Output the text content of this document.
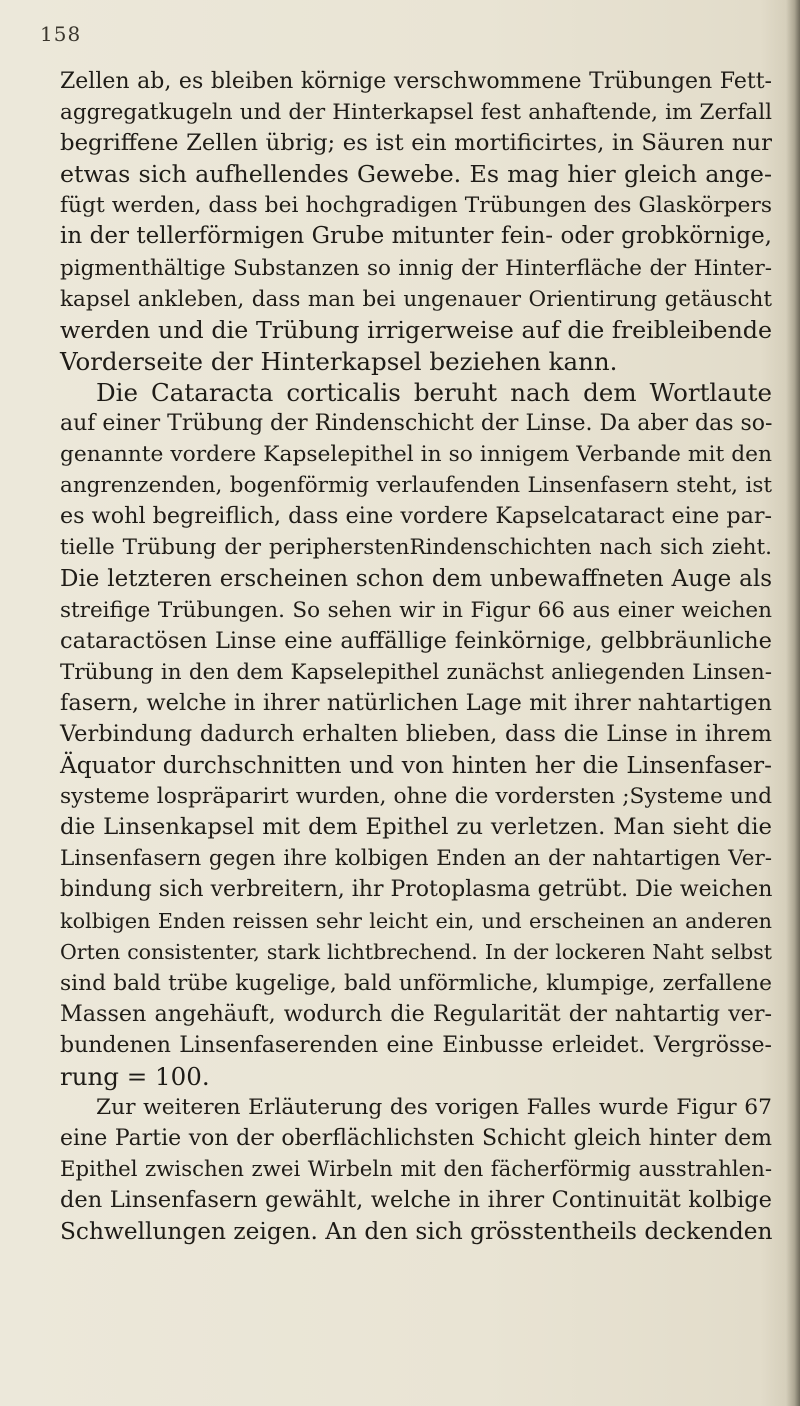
158
Zellen ab, es bleiben körnige verschwommene Trübungen Fett-
aggregatkugeln und der Hinterkapsel fest anhaftende, im Zerfall
begriffene Zellen übrig; es ist ein mortificirtes, in Säuren nur
etwas sich aufhellendes Gewebe. Es mag hier gleich ange-
fügt werden, dass bei hochgradigen Trübungen des Glaskörpers
in der tellerförmigen Grube mitunter fein- oder grobkörnige,
pigmenthältige Substanzen so innig der Hinterfläche der Hinter-
kapsel ankleben, dass man bei ungenauer Orientirung getäuscht
werden und die Trübung irrigerweise auf die freibleibende
Vorderseite der Hinterkapsel beziehen kann.
Die Cataracta corticalis beruht nach dem Wortlaute
auf einer Trübung der Rindenschicht der Linse. Da aber das so-
genannte vordere Kapselepithel in so innigem Verbande mit den
angrenzenden, bogenförmig verlaufenden Linsenfasern steht, ist
es wohl begreiflich, dass eine vordere Kapselcataract eine par-
tielle Trübung der peripherstenRindenschichten nach sich zieht.
Die letzteren erscheinen schon dem unbewaffneten Auge als
streifige Trübungen. So sehen wir in Figur 66 aus einer weichen
cataractösen Linse eine auffällige feinkörnige, gelbbräunliche
Trübung in den dem Kapselepithel zunächst anliegenden Linsen-
fasern, welche in ihrer natürlichen Lage mit ihrer nahtartigen
Verbindung dadurch erhalten blieben, dass die Linse in ihrem
Äquator durchschnitten und von hinten her die Linsenfaser-
systeme lospräparirt wurden, ohne die vordersten ;Systeme und
die Linsenkapsel mit dem Epithel zu verletzen. Man sieht die
Linsenfasern gegen ihre kolbigen Enden an der nahtartigen Ver-
bindung sich verbreitern, ihr Protoplasma getrübt. Die weichen
kolbigen Enden reissen sehr leicht ein, und erscheinen an anderen
Orten consistenter, stark lichtbrechend. In der lockeren Naht selbst
sind bald trübe kugelige, bald unförmliche, klumpige, zerfallene
Massen angehäuft, wodurch die Regularität der nahtartig ver-
bundenen Linsenfaserenden eine Einbusse erleidet. Vergrösse-
rung = 100.
Zur weiteren Erläuterung des vorigen Falles wurde Figur 67
eine Partie von der oberflächlichsten Schicht gleich hinter dem
Epithel zwischen zwei Wirbeln mit den fächerförmig ausstrahlen-
den Linsenfasern gewählt, welche in ihrer Continuität kolbige
Schwellungen zeigen. An den sich grösstentheils deckenden
